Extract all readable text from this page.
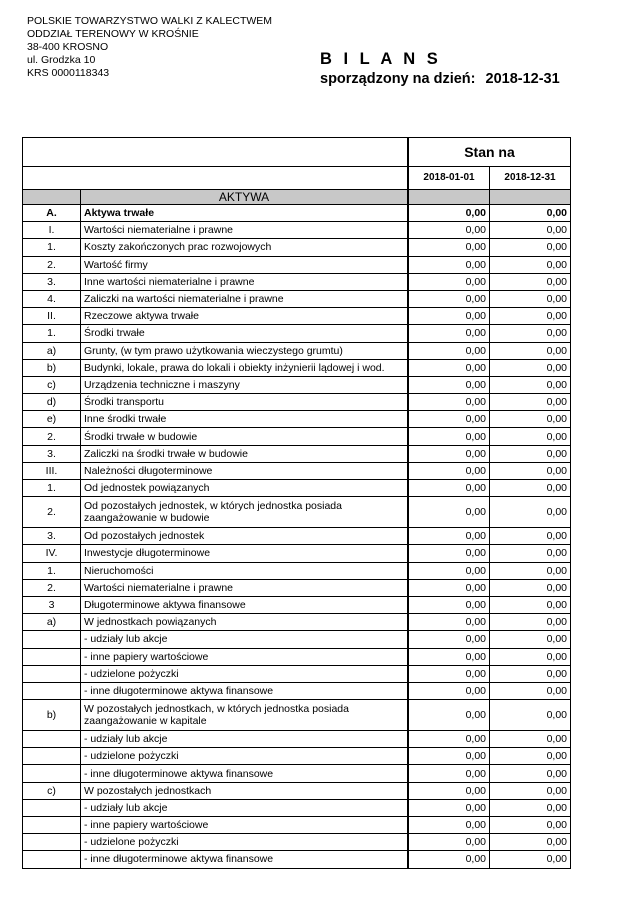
POLSKIE TOWARZYSTWO WALKI Z KALECTWEM
ODDZIAŁ TERENOWY W KROŚNIE
38-400 KROSNO
ul. Grodzka 10
KRS 0000118343
B I L A N S
sporządzony na dzień: 2018-12-31
		Stan na	
		2018-01-01	2018-12-31
	AKTYWA			
A.	Aktywa trwałe		0,00	0,00
I.	Wartości niematerialne i prawne		0,00	0,00
1.	Koszty zakończonych prac rozwojowych		0,00	0,00
2.	Wartość firmy		0,00	0,00
3.	Inne wartości niematerialne i prawne		0,00	0,00
4.	Zaliczki na wartości niematerialne i prawne		0,00	0,00
II.	Rzeczowe aktywa trwałe		0,00	0,00
1.	Środki trwałe		0,00	0,00
a)	Grunty, (w tym prawo użytkowania wieczystego grumtu)		0,00	0,00
b)	Budynki, lokale, prawa do lokali i obiekty inżynierii lądowej i wod.		0,00	0,00
c)	Urządzenia techniczne i maszyny		0,00	0,00
d)	Środki transportu		0,00	0,00
e)	Inne środki trwałe		0,00	0,00
2.	Środki trwałe w budowie		0,00	0,00
3.	Zaliczki na środki trwałe w budowie		0,00	0,00
III.	Należności długoterminowe		0,00	0,00
1.	Od jednostek powiązanych		0,00	0,00
2.	Od pozostałych jednostek, w których jednostka posiada zaangażowanie w budowie		0,00	0,00
3.	Od pozostałych jednostek		0,00	0,00
IV.	Inwestycje długoterminowe		0,00	0,00
1.	Nieruchomości		0,00	0,00
2.	Wartości niematerialne i prawne		0,00	0,00
3	Długoterminowe aktywa finansowe		0,00	0,00
a)	W jednostkach powiązanych		0,00	0,00
	- udziały lub akcje		0,00	0,00
	- inne papiery wartościowe		0,00	0,00
	- udzielone pożyczki		0,00	0,00
	- inne długoterminowe aktywa finansowe		0,00	0,00
b)	W pozostałych jednostkach, w których jednostka posiada zaangażowanie w kapitale		0,00	0,00
	- udziały lub akcje		0,00	0,00
	- udzielone pożyczki		0,00	0,00
	- inne długoterminowe aktywa finansowe		0,00	0,00
c)	W pozostałych jednostkach		0,00	0,00
	- udziały lub akcje		0,00	0,00
	- inne papiery wartościowe		0,00	0,00
	- udzielone pożyczki		0,00	0,00
	- inne długoterminowe aktywa finansowe		0,00	0,00
